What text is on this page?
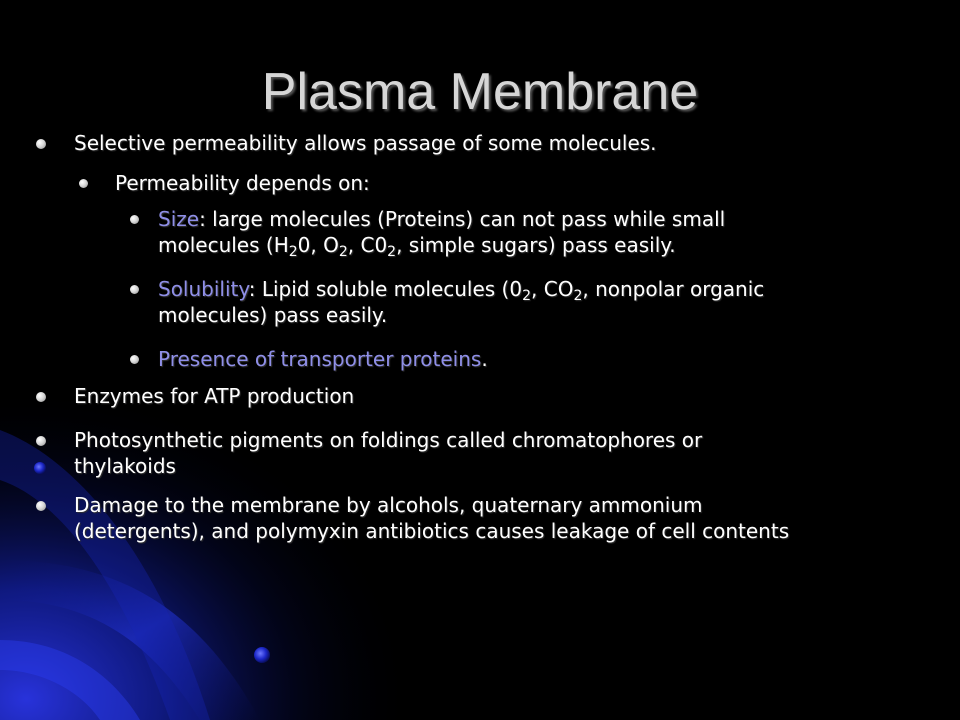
Plasma Membrane
Selective permeability allows passage of some molecules.
Permeability depends on:
Size: large molecules (Proteins) can not pass while small
molecules ($H_20$, $O_2$, $C0_2$, simple sugars) pass easily.
Solubility: Lipid soluble molecules ($0_2$, $CO_2$, nonpolar organic
molecules) pass easily.
Presence of transporter proteins.
Enzymes for ATP production
Photosynthetic pigments on foldings called chromatophores or
thylakoids
Damage to the membrane by alcohols, quaternary ammonium
(detergents), and polymyxin antibiotics causes leakage of cell contents
